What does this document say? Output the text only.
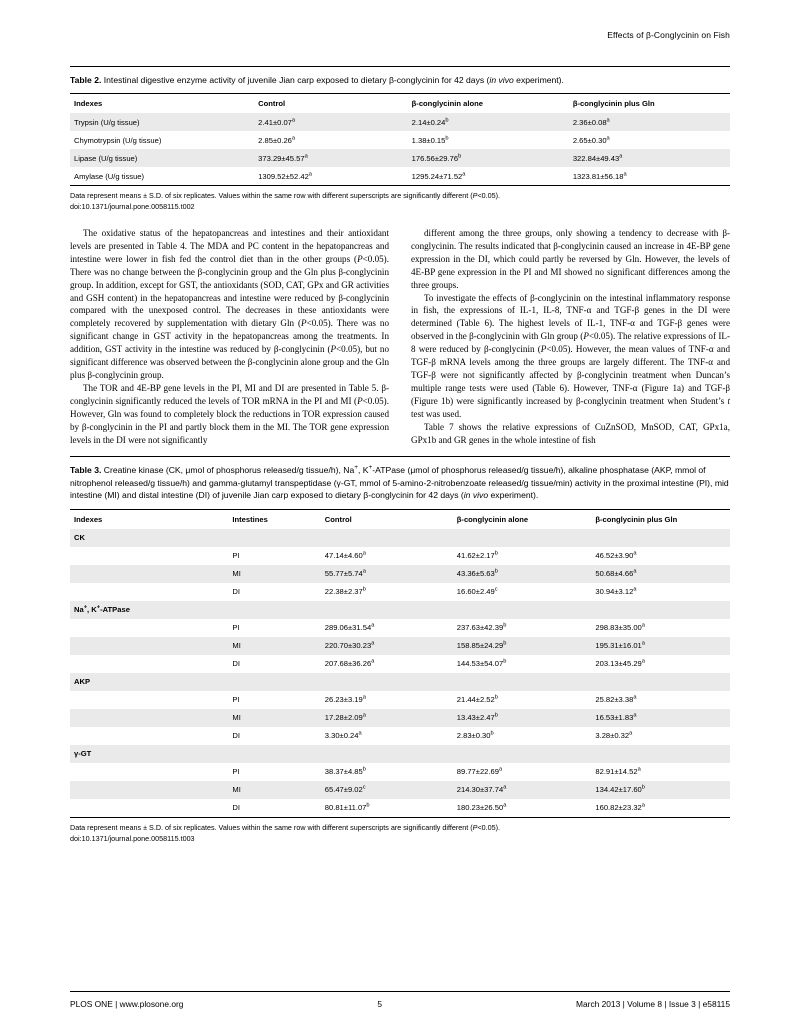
Effects of β-Conglycinin on Fish
Table 2. Intestinal digestive enzyme activity of juvenile Jian carp exposed to dietary β-conglycinin for 42 days (in vivo experiment).
Indexes	Control	β-conglycinin alone	β-conglycinin plus Gln
Trypsin (U/g tissue)	2.41±0.07$^a$	2.14±0.24$^b$	2.36±0.08$^a$
Chymotrypsin (U/g tissue)	2.85±0.26$^a$	1.38±0.15$^b$	2.65±0.30$^a$
Lipase (U/g tissue)	373.29±45.57$^a$	176.56±29.76$^b$	322.84±49.43$^a$
Amylase (U/g tissue)	1309.52±52.42$^a$	1295.24±71.52$^a$	1323.81±56.18$^a$
Data represent means ± S.D. of six replicates. Values within the same row with different superscripts are significantly different (P<0.05).
doi:10.1371/journal.pone.0058115.t002

The oxidative status of the hepatopancreas and intestines and their antioxidant levels are presented in Table 4. The MDA and PC content in the hepatopancreas and intestine were lower in fish fed the control diet than in the other groups (P<0.05). There was no change between the β-conglycinin group and the Gln plus β-conglycinin group. In addition, except for GST, the antioxidants (SOD, CAT, GPx and GR activities and GSH content) in the hepatopancreas and intestine were reduced by β-conglycinin compared with the unexposed control. The decreases in these antioxidants were completely recovered by supplementation with dietary Gln (P<0.05). There was no significant change in GST activity in the hepatopancreas among the treatments. In addition, GST activity in the intestine was reduced by β-conglycinin (P<0.05), but no significant difference was observed between the β-conglycinin alone group and the Gln plus β-conglycinin group.

The TOR and 4E-BP gene levels in the PI, MI and DI are presented in Table 5. β-conglycinin significantly reduced the levels of TOR mRNA in the PI and MI (P<0.05). However, Gln was found to completely block the reductions in TOR expression caused by β-conglycinin in the PI and partly block them in the MI. The TOR gene expression levels in the DI were not significantly

different among the three groups, only showing a tendency to decrease with β-conglycinin. The results indicated that β-conglycinin caused an increase in 4E-BP gene expression in the DI, which could partly be reversed by Gln. However, the levels of 4E-BP gene expression in the PI and MI showed no significant differences among the three groups.

To investigate the effects of β-conglycinin on the intestinal inflammatory response in fish, the expressions of IL-1, IL-8, TNF-α and TGF-β genes in the DI were determined (Table 6). The highest levels of IL-1, TNF-α and TGF-β genes were observed in the β-conglycinin with Gln group (P<0.05). The relative expressions of IL-8 were reduced by β-conglycinin (P<0.05). However, the mean values of TNF-α and TGF-β mRNA levels among the three groups are largely different. The TNF-α and TGF-β were not significantly affected by β-conglycinin treatment when Duncan’s multiple range tests were used (Table 6). However, TNF-α (Figure 1a) and TGF-β (Figure 1b) were significantly increased by β-conglycinin treatment when Student’s t test was used.

Table 7 shows the relative expressions of CuZnSOD, MnSOD, CAT, GPx1a, GPx1b and GR genes in the whole intestine of fish

Table 3. Creatine kinase (CK, μmol of phosphorus released/g tissue/h), Na+, K+-ATPase (μmol of phosphorus released/g tissue/h), alkaline phosphatase (AKP, mmol of nitrophenol released/g tissue/h) and gamma-glutamyl transpeptidase (γ-GT, mmol of 5-amino-2-nitrobenzoate released/g tissue/min) activity in the proximal intestine (PI), mid intestine (MI) and distal intestine (DI) of juvenile Jian carp exposed to dietary β-conglycinin for 42 days (in vivo experiment).
Indexes	Intestines	Control	β-conglycinin alone	β-conglycinin plus Gln
CK				
	PI	47.14±4.60$^a$	41.62±2.17$^b$	46.52±3.90$^a$
	MI	55.77±5.74$^a$	43.36±5.63$^b$	50.68±4.66$^a$
	DI	22.38±2.37$^b$	16.60±2.49$^c$	30.94±3.12$^a$
Na+, K+-ATPase				
	PI	289.06±31.54$^a$	237.63±42.39$^b$	298.83±35.00$^a$
	MI	220.70±30.23$^a$	158.85±24.29$^b$	195.31±16.01$^a$
	DI	207.68±36.26$^a$	144.53±54.07$^b$	203.13±45.29$^a$
AKP				
	PI	26.23±3.19$^a$	21.44±2.52$^b$	25.82±3.38$^a$
	MI	17.28±2.09$^a$	13.43±2.47$^b$	16.53±1.83$^a$
	DI	3.30±0.24$^a$	2.83±0.30$^b$	3.28±0.32$^a$
γ-GT				
	PI	38.37±4.85$^b$	89.77±22.69$^a$	82.91±14.52$^a$
	MI	65.47±9.02$^c$	214.30±37.74$^a$	134.42±17.60$^b$
	DI	80.81±11.07$^b$	180.23±26.50$^a$	160.82±23.32$^a$
Data represent means ± S.D. of six replicates. Values within the same row with different superscripts are significantly different (P<0.05).
doi:10.1371/journal.pone.0058115.t003
PLOS ONE | www.plosone.org	5	March 2013 | Volume 8 | Issue 3 | e58115
